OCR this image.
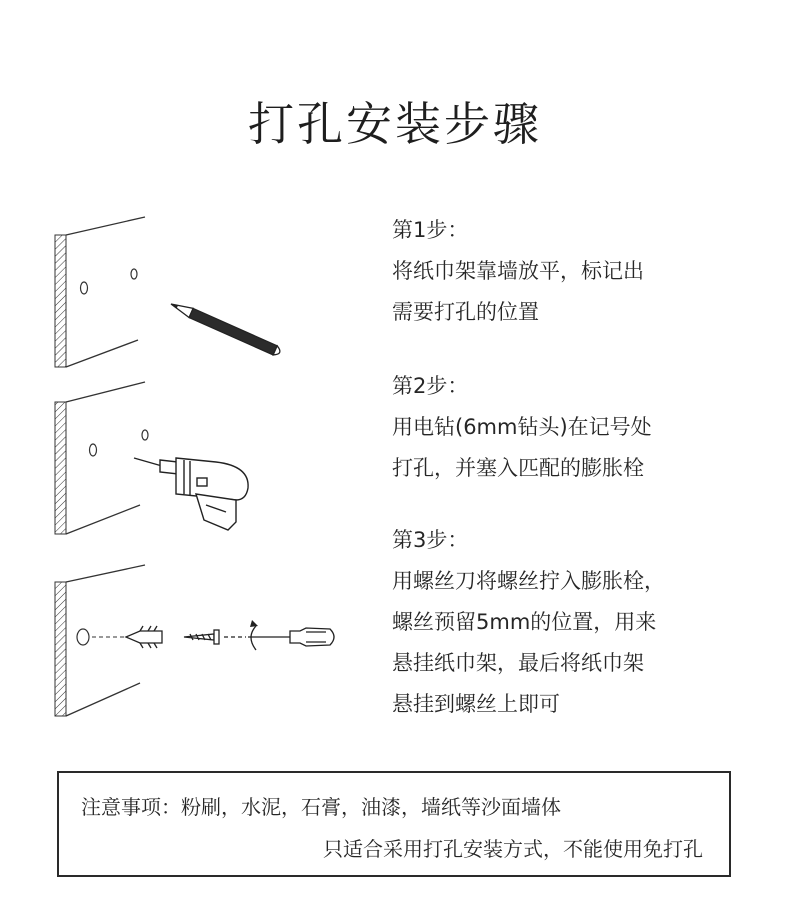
打孔安装步骤
第1步：
将纸巾架靠墙放平，标记出
需要打孔的位置
第2步：
用电钻(6mm钻头)在记号处
打孔，并塞入匹配的膨胀栓
第3步：
用螺丝刀将螺丝拧入膨胀栓，
螺丝预留5mm的位置，用来
悬挂纸巾架，最后将纸巾架
悬挂到螺丝上即可
注意事项：粉刷，水泥，石膏，油漆，墙纸等沙面墙体
只适合采用打孔安装方式，不能使用免打孔
